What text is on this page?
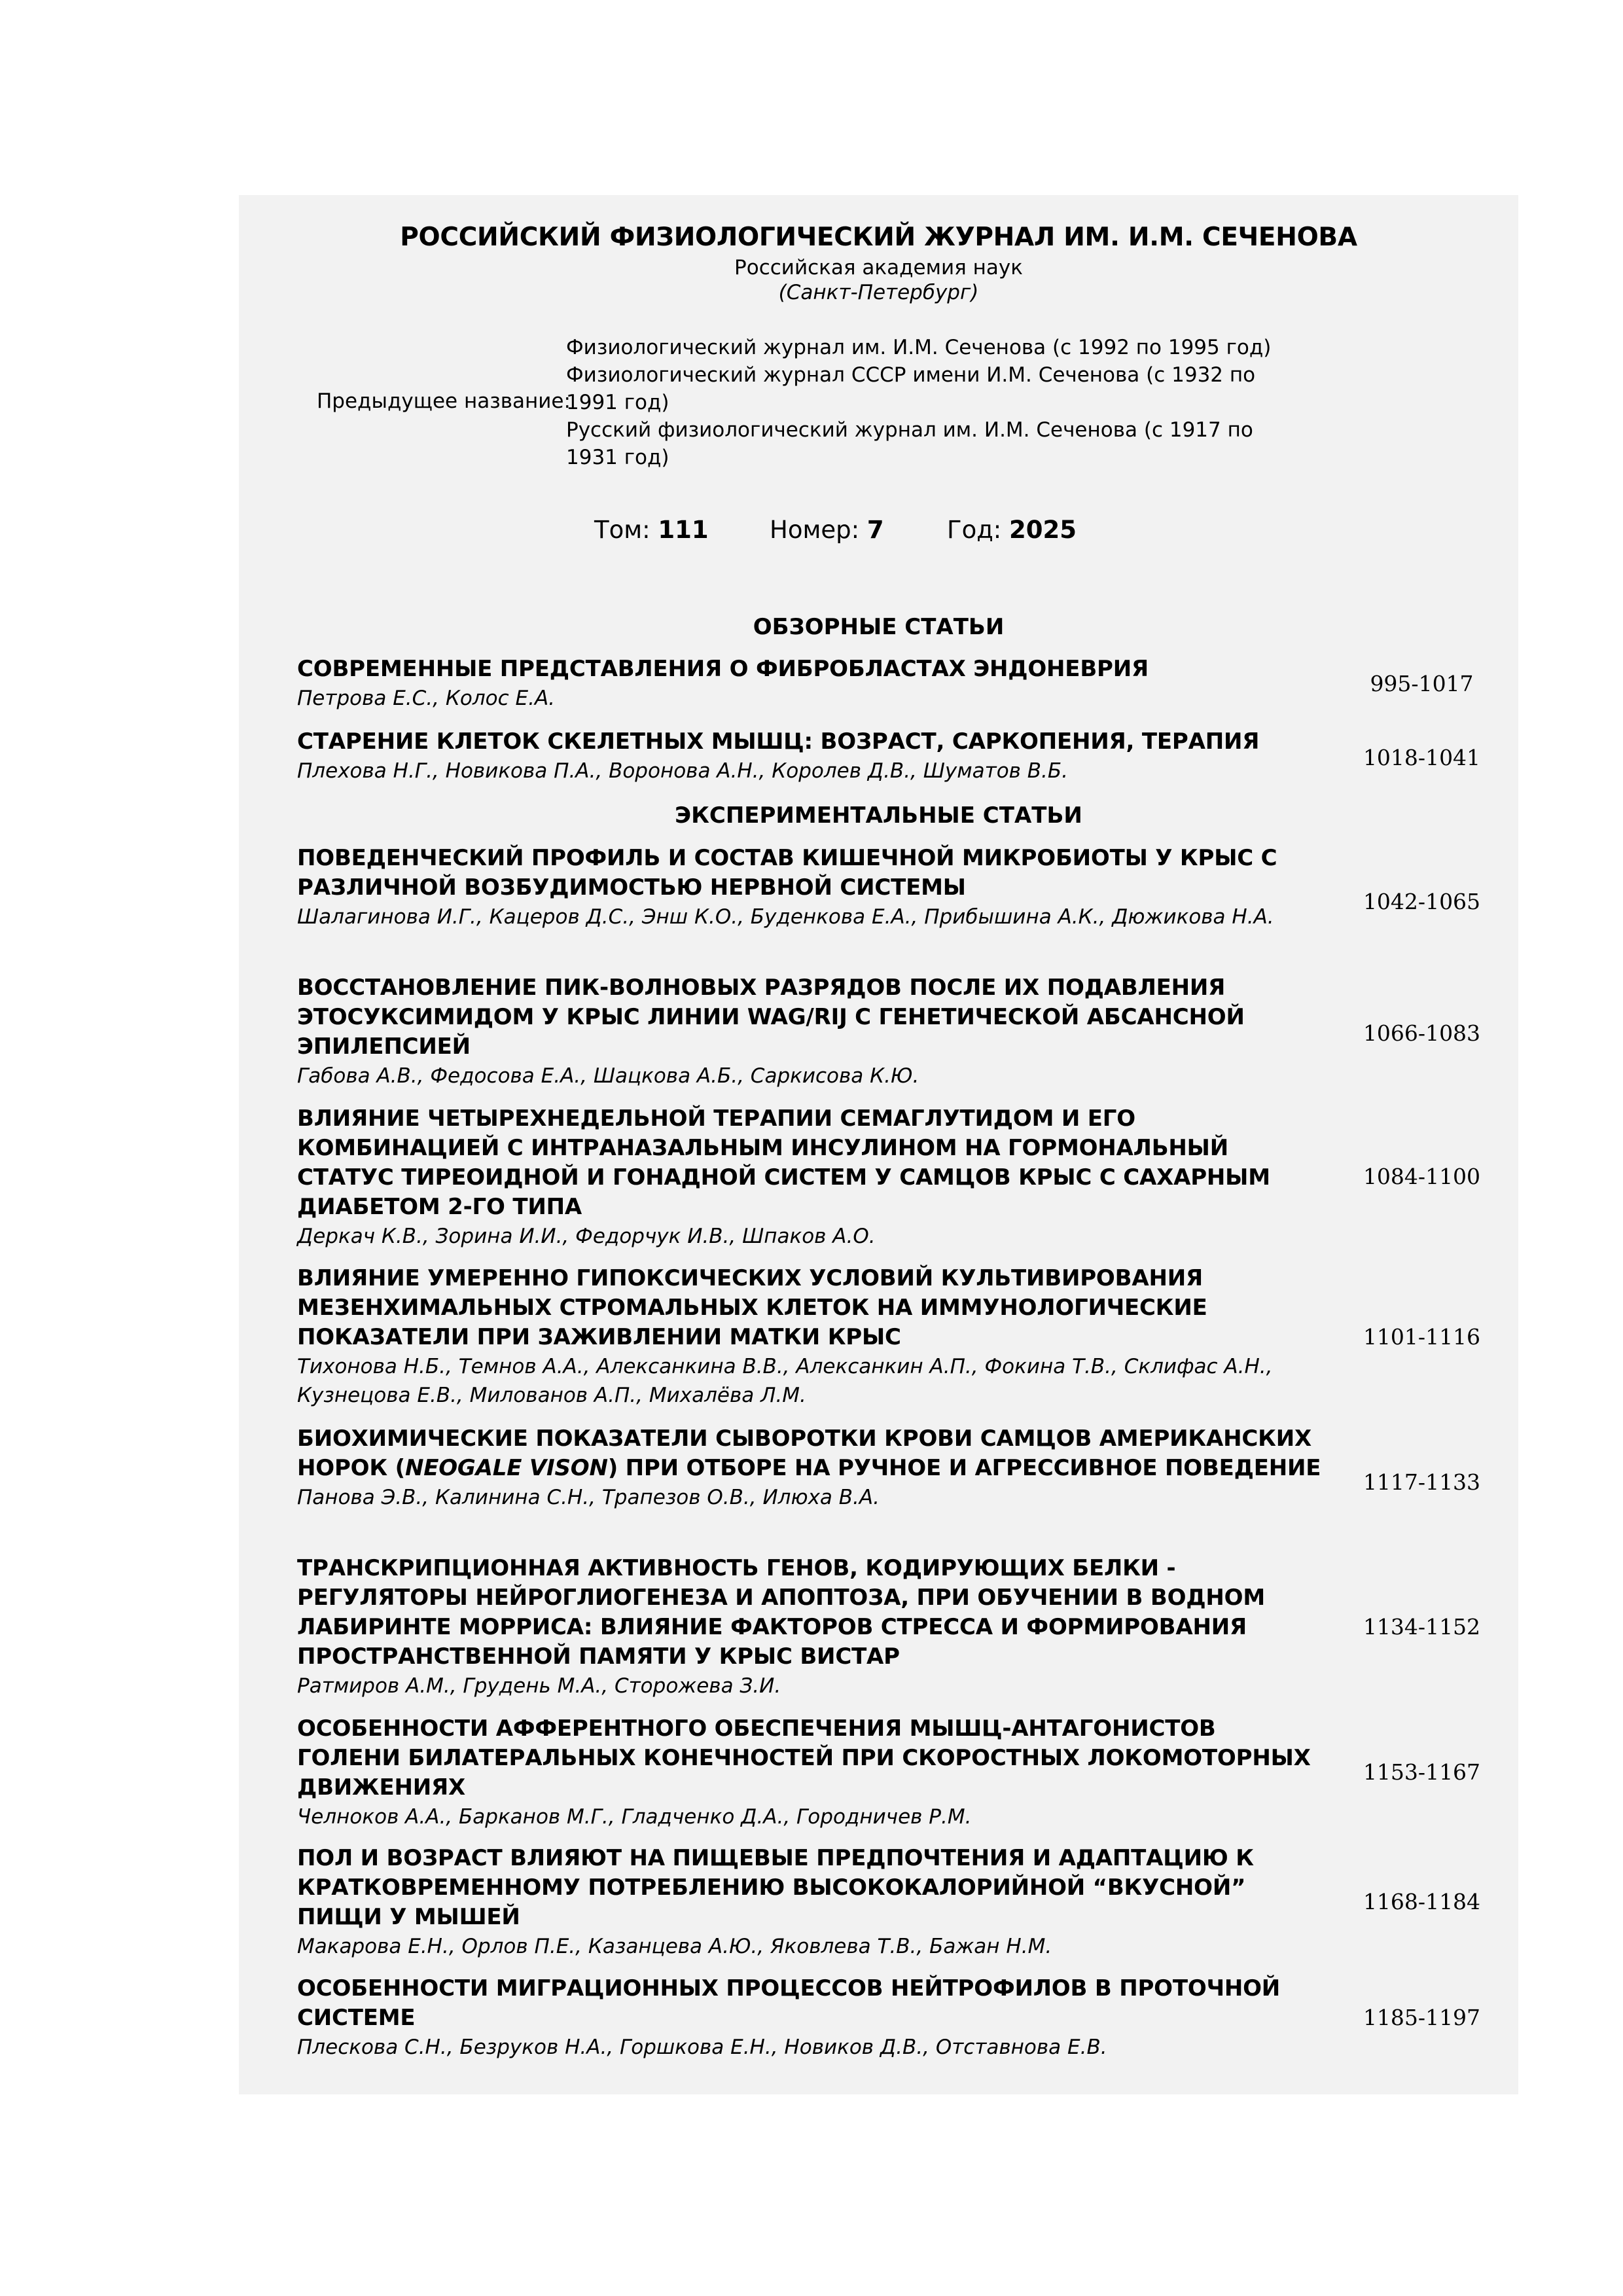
РОССИЙСКИЙ ФИЗИОЛОГИЧЕСКИЙ ЖУРНАЛ ИМ. И.М. СЕЧЕНОВА
Российская академия наук
(Санкт-Петербург)
Предыдущее название:
Физиологический журнал им. И.М. Сеченова (с 1992 по 1995 год)
Физиологический журнал СССР имени И.М. Сеченова (с 1932 по 1991 год)
Русский физиологический журнал им. И.М. Сеченова (с 1917 по 1931 год)
Том: 111	Номер: 7	Год: 2025
ОБЗОРНЫЕ СТАТЬИ
СОВРЕМЕННЫЕ ПРЕДСТАВЛЕНИЯ О ФИБРОБЛАСТАХ ЭНДОНЕВРИЯ
Петрова Е.С., Колос Е.А.
995-1017
СТАРЕНИЕ КЛЕТОК СКЕЛЕТНЫХ МЫШЦ: ВОЗРАСТ, САРКОПЕНИЯ, ТЕРАПИЯ
Плехова Н.Г., Новикова П.А., Воронова А.Н., Королев Д.В., Шуматов В.Б.
1018-1041
ЭКСПЕРИМЕНТАЛЬНЫЕ СТАТЬИ
ПОВЕДЕНЧЕСКИЙ ПРОФИЛЬ И СОСТАВ КИШЕЧНОЙ МИКРОБИОТЫ У КРЫС С РАЗЛИЧНОЙ ВОЗБУДИМОСТЬЮ НЕРВНОЙ СИСТЕМЫ
Шалагинова И.Г., Кацеров Д.С., Энш К.О., Буденкова Е.А., Прибышина А.К., Дюжикова Н.А.
1042-1065
ВОССТАНОВЛЕНИЕ ПИК-ВОЛНОВЫХ РАЗРЯДОВ ПОСЛЕ ИХ ПОДАВЛЕНИЯ ЭТОСУКСИМИДОМ У КРЫС ЛИНИИ WAG/RIJ С ГЕНЕТИЧЕСКОЙ АБСАНСНОЙ ЭПИЛЕПСИЕЙ
Габова А.В., Федосова Е.А., Шацкова А.Б., Саркисова К.Ю.
1066-1083
ВЛИЯНИЕ ЧЕТЫРЕХНЕДЕЛЬНОЙ ТЕРАПИИ СЕМАГЛУТИДОМ И ЕГО КОМБИНАЦИЕЙ С ИНТРАНАЗАЛЬНЫМ ИНСУЛИНОМ НА ГОРМОНАЛЬНЫЙ СТАТУС ТИРЕОИДНОЙ И ГОНАДНОЙ СИСТЕМ У САМЦОВ КРЫС С САХАРНЫМ ДИАБЕТОМ 2-ГО ТИПА
Деркач К.В., Зорина И.И., Федорчук И.В., Шпаков А.О.
1084-1100
ВЛИЯНИЕ УМЕРЕННО ГИПОКСИЧЕСКИХ УСЛОВИЙ КУЛЬТИВИРОВАНИЯ МЕЗЕНХИМАЛЬНЫХ СТРОМАЛЬНЫХ КЛЕТОК НА ИММУНОЛОГИЧЕСКИЕ ПОКАЗАТЕЛИ ПРИ ЗАЖИВЛЕНИИ МАТКИ КРЫС
Тихонова Н.Б., Темнов А.А., Алексанкина В.В., Алексанкин А.П., Фокина Т.В., Склифас А.Н., Кузнецова Е.В., Милованов А.П., Михалёва Л.М.
1101-1116
БИОХИМИЧЕСКИЕ ПОКАЗАТЕЛИ СЫВОРОТКИ КРОВИ САМЦОВ АМЕРИКАНСКИХ НОРОК (NEOGALE VISON) ПРИ ОТБОРЕ НА РУЧНОЕ И АГРЕССИВНОЕ ПОВЕДЕНИЕ
Панова Э.В., Калинина С.Н., Трапезов О.В., Илюха В.А.
1117-1133
ТРАНСКРИПЦИОННАЯ АКТИВНОСТЬ ГЕНОВ, КОДИРУЮЩИХ БЕЛКИ - РЕГУЛЯТОРЫ НЕЙРОГЛИОГЕНЕЗА И АПОПТОЗА, ПРИ ОБУЧЕНИИ В ВОДНОМ ЛАБИРИНТЕ МОРРИСА: ВЛИЯНИЕ ФАКТОРОВ СТРЕССА И ФОРМИРОВАНИЯ ПРОСТРАНСТВЕННОЙ ПАМЯТИ У КРЫС ВИСТАР
Ратмиров А.М., Грудень М.А., Сторожева З.И.
1134-1152
ОСОБЕННОСТИ АФФЕРЕНТНОГО ОБЕСПЕЧЕНИЯ МЫШЦ-АНТАГОНИСТОВ ГОЛЕНИ БИЛАТЕРАЛЬНЫХ КОНЕЧНОСТЕЙ ПРИ СКОРОСТНЫХ ЛОКОМОТОРНЫХ ДВИЖЕНИЯХ
Челноков А.А., Барканов М.Г., Гладченко Д.А., Городничев Р.М.
1153-1167
ПОЛ И ВОЗРАСТ ВЛИЯЮТ НА ПИЩЕВЫЕ ПРЕДПОЧТЕНИЯ И АДАПТАЦИЮ К КРАТКОВРЕМЕННОМУ ПОТРЕБЛЕНИЮ ВЫСОКОКАЛОРИЙНОЙ “ВКУСНОЙ” ПИЩИ У МЫШЕЙ
Макарова Е.Н., Орлов П.Е., Казанцева А.Ю., Яковлева Т.В., Бажан Н.М.
1168-1184
ОСОБЕННОСТИ МИГРАЦИОННЫХ ПРОЦЕССОВ НЕЙТРОФИЛОВ В ПРОТОЧНОЙ СИСТЕМЕ
Плескова С.Н., Безруков Н.А., Горшкова Е.Н., Новиков Д.В., Отставнова Е.В.
1185-1197
